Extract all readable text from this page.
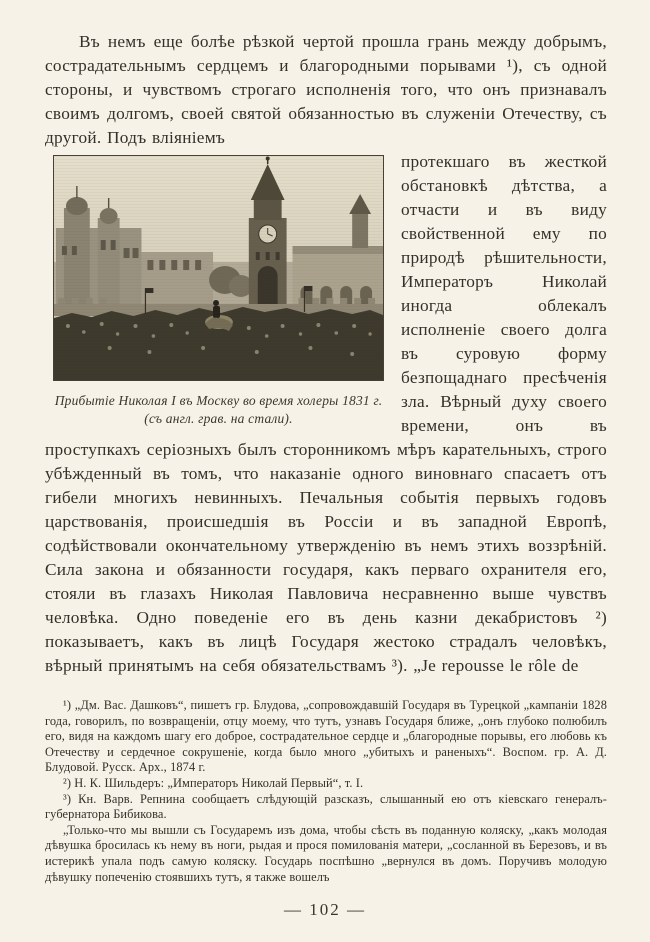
Въ немъ еще болѣе рѣзкой чертой прошла грань между добрымъ, сострадательнымъ сердцемъ и благородными порывами ¹), съ одной стороны, и чувствомъ строгаго исполненія того, что онъ признавалъ своимъ долгомъ, своей святой обязанностью въ служеніи Отечеству, съ другой. Подъ вліяніемъ

Прибытіе Николая I въ Москву во время холеры 1831 г.
(съ англ. грав. на стали).

протекшаго въ жесткой обстановкѣ дѣтства, а отчасти и въ виду свойственной ему по природѣ рѣшительности, Императоръ Николай иногда облекалъ исполненіе своего долга въ суровую форму безпощаднаго пресѣченія зла. Вѣрный духу своего времени, онъ въ проступкахъ серіозныхъ былъ сторонникомъ мѣръ карательныхъ, строго убѣжденный въ томъ, что наказаніе одного виновнаго спасаетъ отъ гибели многихъ невинныхъ. Печальныя событія первыхъ годовъ царствованія, происшедшія въ Россіи и въ западной Европѣ, содѣйствовали окончательному утвержденію въ немъ этихъ воззрѣній. Сила закона и обязанности государя, какъ перваго охранителя его, стояли въ глазахъ Николая Павловича несравненно выше чувствъ человѣка. Одно поведеніе его въ день казни декабристовъ ²) показываетъ, какъ въ лицѣ Государя жестоко страдалъ человѣкъ, вѣрный принятымъ на себя обязательствамъ ³). „Je repousse le rôle de

¹) „Дм. Вас. Дашковъ“, пишетъ гр. Блудова, „сопровождавшій Государя въ Турецкой „кампаніи 1828 года, говорилъ, по возвращеніи, отцу моему, что тутъ, узнавъ Государя ближе, „онъ глубоко полюбилъ его, видя на каждомъ шагу его доброе, сострадательное сердце и „благородные порывы, его любовь къ Отечеству и сердечное сокрушеніе, когда было много „убитыхъ и раненыхъ“. Воспом. гр. А. Д. Блудовой. Русск. Арх., 1874 г.

²) Н. К. Шильдеръ: „Императоръ Николай Первый“, т. I.

³) Кн. Варв. Репнина сообщаетъ слѣдующій разсказъ, слышанный ею отъ кіевскаго генералъ-губернатора Бибикова.

„Только-что мы вышли съ Государемъ изъ дома, чтобы сѣсть въ поданную коляску, „какъ молодая дѣвушка бросилась къ нему въ ноги, рыдая и прося помилованія матери, „сосланной въ Березовъ, и въ истерикѣ упала подъ самую коляску. Государь поспѣшно „вернулся въ домъ. Поручивъ молодую дѣвушку попеченію стоявшихъ тутъ, я также вошелъ

— 102 —
